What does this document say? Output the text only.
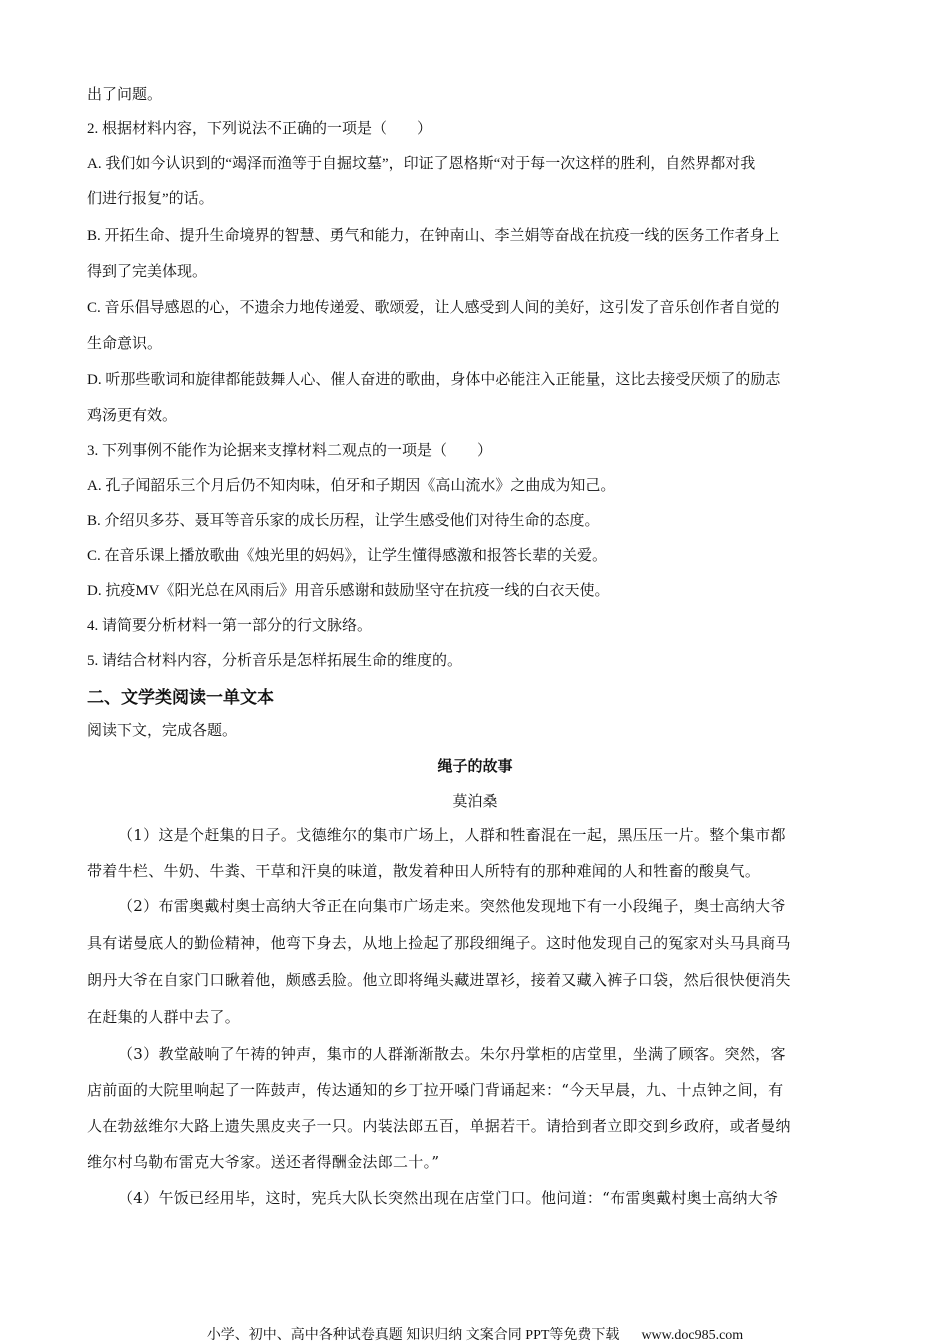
出了问题。
2. 根据材料内容，下列说法不正确的一项是（　　）
A. 我们如今认识到的“竭泽而渔等于自掘坟墓”，印证了恩格斯“对于每一次这样的胜利，自然界都对我
们进行报复”的话。
B. 开拓生命、提升生命境界的智慧、勇气和能力，在钟南山、李兰娟等奋战在抗疫一线的医务工作者身上
得到了完美体现。
C. 音乐倡导感恩的心，不遗余力地传递爱、歌颂爱，让人感受到人间的美好，这引发了音乐创作者自觉的
生命意识。
D. 听那些歌词和旋律都能鼓舞人心、催人奋进的歌曲，身体中必能注入正能量，这比去接受厌烦了的励志
鸡汤更有效。
3. 下列事例不能作为论据来支撑材料二观点的一项是（　　）
A. 孔子闻韶乐三个月后仍不知肉味，伯牙和子期因《高山流水》之曲成为知己。
B. 介绍贝多芬、聂耳等音乐家的成长历程，让学生感受他们对待生命的态度。
C. 在音乐课上播放歌曲《烛光里的妈妈》，让学生懂得感激和报答长辈的关爱。
D. 抗疫MV《阳光总在风雨后》用音乐感谢和鼓励坚守在抗疫一线的白衣天使。
4. 请简要分析材料一第一部分的行文脉络。
5. 请结合材料内容，分析音乐是怎样拓展生命的维度的。
二、文学类阅读一单文本
阅读下文，完成各题。
绳子的故事
莫泊桑
（1）这是个赶集的日子。戈德维尔的集市广场上，人群和牲畜混在一起，黑压压一片。整个集市都
带着牛栏、牛奶、牛粪、干草和汗臭的味道，散发着种田人所特有的那种难闻的人和牲畜的酸臭气。
（2）布雷奥戴村奥士高纳大爷正在向集市广场走来。突然他发现地下有一小段绳子，奥士高纳大爷
具有诺曼底人的勤俭精神，他弯下身去，从地上捡起了那段细绳子。这时他发现自己的冤家对头马具商马
朗丹大爷在自家门口瞅着他，颇感丢脸。他立即将绳头藏进罩衫，接着又藏入裤子口袋，然后很快便消失
在赶集的人群中去了。
（3）教堂敲响了午祷的钟声，集市的人群渐渐散去。朱尔丹掌柜的店堂里，坐满了顾客。突然，客
店前面的大院里响起了一阵鼓声，传达通知的乡丁拉开嗓门背诵起来：“今天早晨，九、十点钟之间，有
人在勃兹维尔大路上遗失黑皮夹子一只。内装法郎五百，单据若干。请拾到者立即交到乡政府，或者曼纳
维尔村乌勒布雷克大爷家。送还者得酬金法郎二十。”
（4）午饭已经用毕，这时，宪兵大队长突然出现在店堂门口。他问道：“布雷奥戴村奥士高纳大爷
小学、初中、高中各种试卷真题 知识归纳 文案合同 PPT等免费下载 www.doc985.com
